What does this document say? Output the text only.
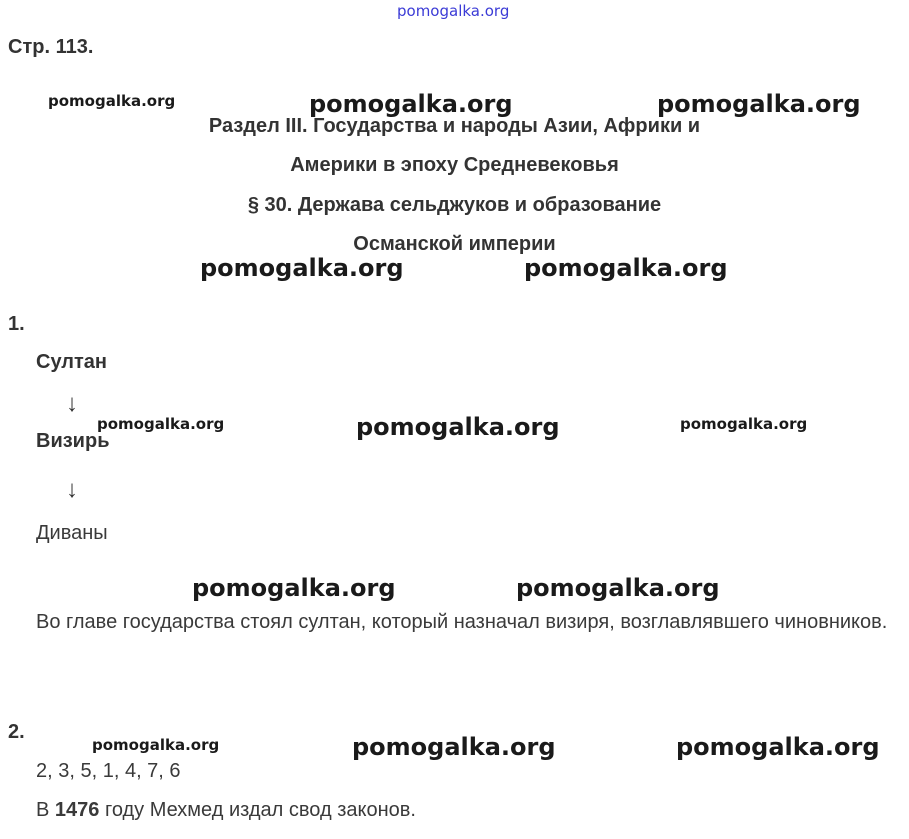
pomogalka.org
Стр. 113.
pomogalka.org	pomogalka.org	pomogalka.org
Раздел III. Государства и народы Азии, Африки и
Америки в эпоху Средневековья
§ 30. Держава сельджуков и образование
Османской империи
pomogalka.org	pomogalka.org
1.
Султан
↓
pomogalka.org	pomogalka.org	pomogalka.org
Визирь
↓
Диваны
pomogalka.org	pomogalka.org
Во главе государства стоял султан, который назначал визиря, возглавлявшего чиновников.
2.
pomogalka.org	pomogalka.org	pomogalka.org
2, 3, 5, 1, 4, 7, 6
В 1476 году Мехмед издал свод законов.
